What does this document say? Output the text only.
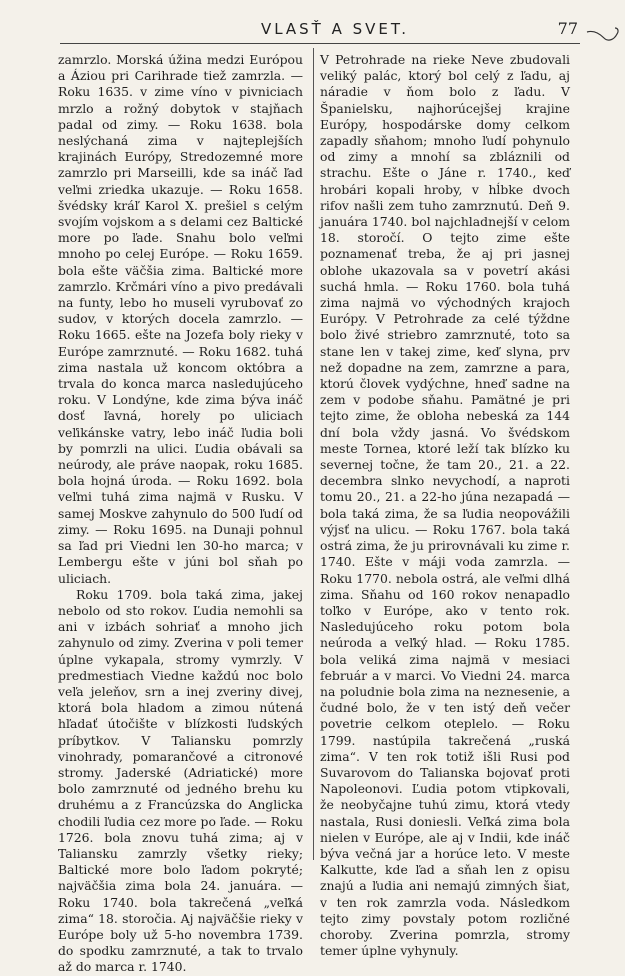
VLASŤ A SVET.	77

zamrzlo. Morská úžina medzi Európou a Áziou pri Carihrade tiež zamrzla. — Roku 1635. v zime víno v pivniciach mrzlo a rožný dobytok v stajňach padal od zimy. — Roku 1638. bola neslýchaná zima v najteplejších krajinách Európy, Stredozemné more zamrzlo pri Marseilli, kde sa ináč ľad veľmi zriedka ukazuje. — Roku 1658. švédsky kráľ Karol X. prešiel s celým svojím vojskom a s delami cez Baltické more po ľade. Snahu bolo veľmi mnoho po celej Európe. — Roku 1659. bola ešte väčšia zima. Baltické more zamrzlo. Krčmári víno a pivo predávali na funty, lebo ho museli vyrubovať zo sudov, v ktorých docela zamrzlo. — Roku 1665. ešte na Jozefa boly rieky v Európe zamrznuté. — Roku 1682. tuhá zima nastala už koncom októbra a trvala do konca marca nasledujúceho roku. V Londýne, kde zima býva ináč dosť ľavná, horely po uliciach veľikánske vatry, lebo ináč ľudia boli by pomrzli na ulici. Ľudia obávali sa neúrody, ale práve naopak, roku 1685. bola hojná úroda. — Roku 1692. bola veľmi tuhá zima najmä v Rusku. V samej Moskve zahynulo do 500 ľudí od zimy. — Roku 1695. na Dunaji pohnul sa ľad pri Viedni len 30-ho marca; v Lembergu ešte v júni bol sňah po uliciach.

Roku 1709. bola taká zima, jakej nebolo od sto rokov. Ľudia nemohli sa ani v izbách sohriať a mnoho jich zahynulo od zimy. Zverina v poli temer úplne vykapala, stromy vymrzly. V predmestiach Viedne každú noc bolo veľa jeleňov, srn a inej zveriny divej, ktorá bola hladom a zimou nútená hľadať útočište v blízkosti ľudských príbytkov. V Taliansku pomrzly vinohrady, pomarančové a citronové stromy. Jaderské (Adriatické) more bolo zamrznuté od jedného brehu ku druhému a z Francúzska do Anglicka chodili ľudia cez more po ľade. — Roku 1726. bola znovu tuhá zima; aj v Taliansku zamrzly všetky rieky; Baltické more bolo ľadom pokryté; najväčšia zima bola 24. januára. — Roku 1740. bola takrečená „veľká zima“ 18. storočia. Aj najväčšie rieky v Európe boly už 5-ho novembra 1739. do spodku zamrznuté, a tak to trvalo až do marca r. 1740.

V Petrohrade na rieke Neve zbudovali veliký palác, ktorý bol celý z ľadu, aj náradie v ňom bolo z ľadu. V Španielsku, najhorúcejšej krajine Európy, hospodárske domy celkom zapadly sňahom; mnoho ľudí pohynulo od zimy a mnohí sa zbláznili od strachu. Ešte o Jáne r. 1740., keď hrobári kopali hroby, v hĺbke dvoch rifov našli zem tuho zamrznutú. Deň 9. januára 1740. bol najchladnejší v celom 18. storočí. O tejto zime ešte poznamenať treba, že aj pri jasnej oblohe ukazovala sa v povetrí akási suchá hmla. — Roku 1760. bola tuhá zima najmä vo východných krajoch Európy. V Petrohrade za celé týždne bolo živé striebro zamrznuté, toto sa stane len v takej zime, keď slyna, prv než dopadne na zem, zamrzne a para, ktorú človek vydýchne, hneď sadne na zem v podobe sňahu. Pamätné je pri tejto zime, že obloha nebeská za 144 dní bola vždy jasná. Vo švédskom meste Tornea, ktoré leží tak blízko ku severnej točne, že tam 20., 21. a 22. decembra slnko nevychodí, a naproti tomu 20., 21. a 22-ho júna nezapadá — bola taká zima, že sa ľudia neopovážili výjsť na ulicu. — Roku 1767. bola taká ostrá zima, že ju prirovnávali ku zime r. 1740. Ešte v máji voda zamrzla. — Roku 1770. nebola ostrá, ale veľmi dlhá zima. Sňahu od 160 rokov nenapadlo toľko v Európe, ako v tento rok. Nasledujúceho roku potom bola neúroda a veľký hlad. — Roku 1785. bola veliká zima najmä v mesiaci február a v marci. Vo Viedni 24. marca na poludnie bola zima na neznesenie, a čudné bolo, že v ten istý deň večer povetrie celkom oteplelo. — Roku 1799. nastúpila takrečená „ruská zima“. V ten rok totiž išli Rusi pod Suvarovom do Talianska bojovať proti Napoleonovi. Ľudia potom vtipkovali, že neobyčajne tuhú zimu, ktorá vtedy nastala, Rusi doniesli. Veľká zima bola nielen v Európe, ale aj v Indii, kde ináč býva večná jar a horúce leto. V meste Kalkutte, kde ľad a sňah len z opisu znajú a ľudia ani nemajú zimných šiat, v ten rok zamrzla voda. Následkom tejto zimy povstaly potom rozličné choroby. Zverina pomrzla, stromy temer úplne vyhynuly.
